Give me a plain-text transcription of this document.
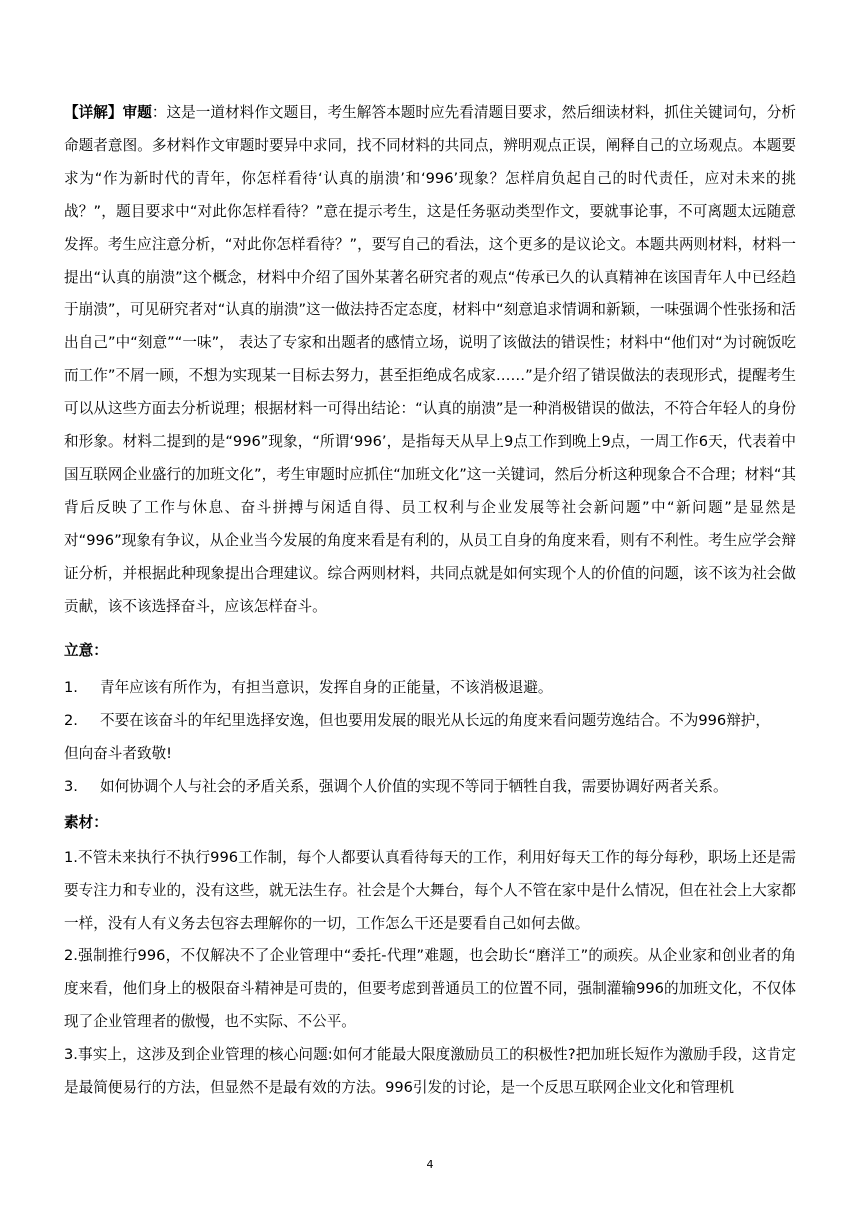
【详解】审题：这是一道材料作文题目，考生解答本题时应先看清题目要求，然后细读材料，抓住关键词句，分析命题者意图。多材料作文审题时要异中求同，找不同材料的共同点，辨明观点正误，阐释自己的立场观点。本题要求为“作为新时代的青年，你怎样看待‘认真的崩溃’和‘996’现象？怎样肩负起自己的时代责任，应对未来的挑战？”，题目要求中“对此你怎样看待？”意在提示考生，这是任务驱动类型作文，要就事论事，不可离题太远随意发挥。考生应注意分析，“对此你怎样看待？”，要写自己的看法，这个更多的是议论文。本题共两则材料，材料一提出“认真的崩溃”这个概念，材料中介绍了国外某著名研究者的观点“传承已久的认真精神在该国青年人中已经趋于崩溃”，可见研究者对“认真的崩溃”这一做法持否定态度，材料中“刻意追求情调和新颖，一味强调个性张扬和活出自己”中“刻意”“一味”， 表达了专家和出题者的感情立场，说明了该做法的错误性；材料中“他们对“为讨碗饭吃而工作”不屑一顾，不想为实现某一目标去努力，甚至拒绝成名成家……”是介绍了错误做法的表现形式，提醒考生可以从这些方面去分析说理；根据材料一可得出结论：“认真的崩溃”是一种消极错误的做法，不符合年轻人的身份和形象。材料二提到的是“996”现象，“所谓‘996’，是指每天从早上9点工作到晚上9点，一周工作6天，代表着中国互联网企业盛行的加班文化”，考生审题时应抓住“加班文化”这一关键词，然后分析这种现象合不合理；材料“其背后反映了工作与休息、奋斗拼搏与闲适自得、员工权利与企业发展等社会新问题”中“新问题”是显然是对“996”现象有争议，从企业当今发展的角度来看是有利的，从员工自身的角度来看，则有不利性。考生应学会辩证分析，并根据此种现象提出合理建议。综合两则材料，共同点就是如何实现个人的价值的问题，该不该为社会做贡献，该不该选择奋斗，应该怎样奋斗。
立意：
1. 青年应该有所作为，有担当意识，发挥自身的正能量，不该消极退避。
2. 不要在该奋斗的年纪里选择安逸，但也要用发展的眼光从长远的角度来看问题劳逸结合。不为996辩护，
但向奋斗者致敬!
3. 如何协调个人与社会的矛盾关系，强调个人价值的实现不等同于牺牲自我，需要协调好两者关系。
素材：
1.不管未来执行不执行996工作制，每个人都要认真看待每天的工作，利用好每天工作的每分每秒，职场上还是需要专注力和专业的，没有这些，就无法生存。社会是个大舞台，每个人不管在家中是什么情况，但在社会上大家都一样，没有人有义务去包容去理解你的一切，工作怎么干还是要看自己如何去做。
2.强制推行996，不仅解决不了企业管理中“委托-代理”难题，也会助长“磨洋工”的顽疾。从企业家和创业者的角度来看，他们身上的极限奋斗精神是可贵的，但要考虑到普通员工的位置不同，强制灌输996的加班文化，不仅体现了企业管理者的傲慢，也不实际、不公平。
3.事实上，这涉及到企业管理的核心问题:如何才能最大限度激励员工的积极性?把加班长短作为激励手段，这肯定是最简便易行的方法，但显然不是最有效的方法。996引发的讨论，是一个反思互联网企业文化和管理机
4
